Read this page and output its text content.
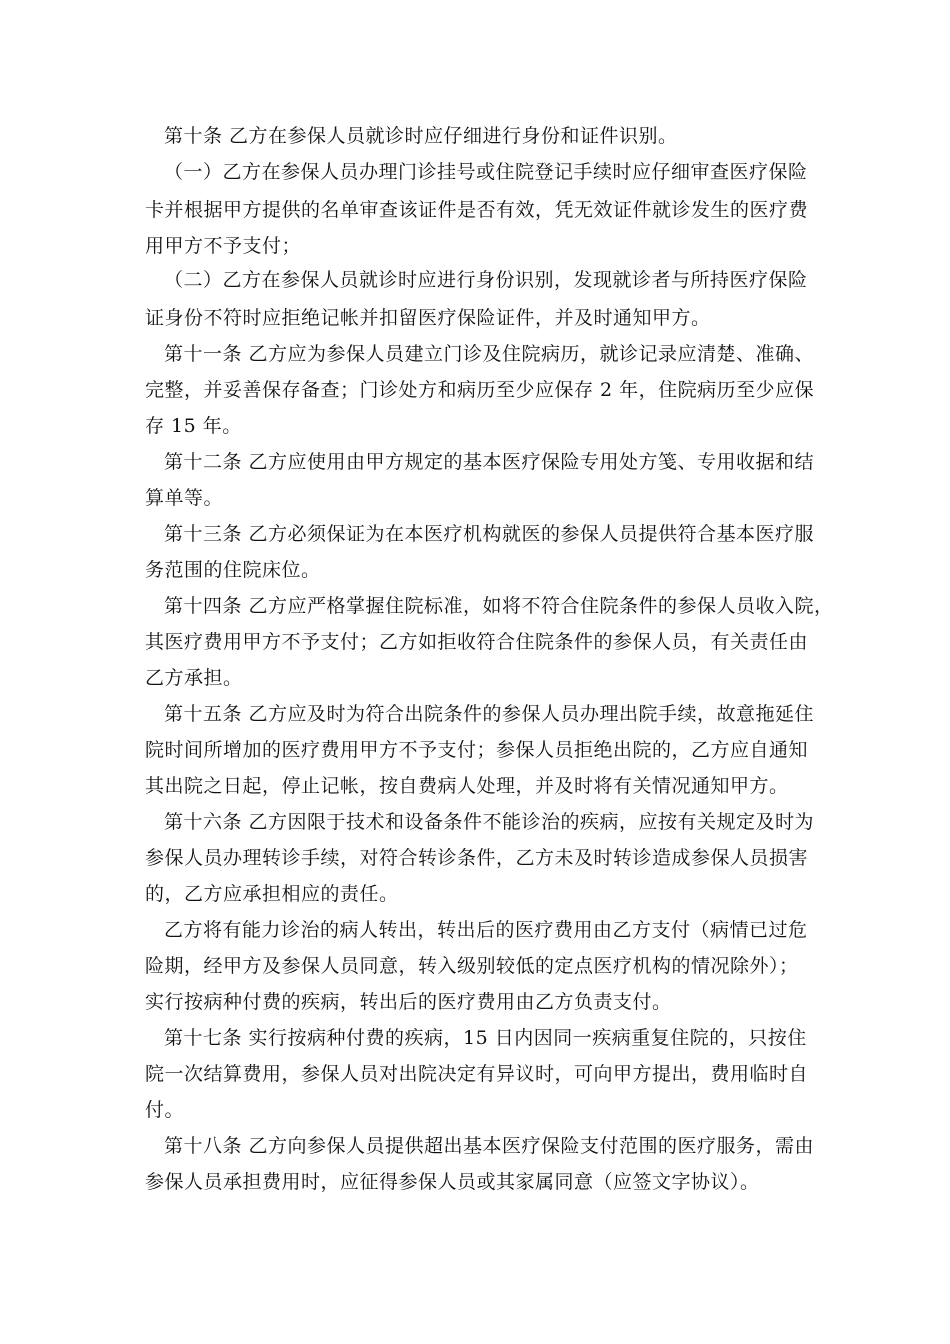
第十条 乙方在参保人员就诊时应仔细进行身份和证件识别。
（一）乙方在参保人员办理门诊挂号或住院登记手续时应仔细审查医疗保险
卡并根据甲方提供的名单审查该证件是否有效，凭无效证件就诊发生的医疗费
用甲方不予支付；
（二）乙方在参保人员就诊时应进行身份识别，发现就诊者与所持医疗保险
证身份不符时应拒绝记帐并扣留医疗保险证件，并及时通知甲方。
第十一条 乙方应为参保人员建立门诊及住院病历，就诊记录应清楚、准确、
完整，并妥善保存备查；门诊处方和病历至少应保存 2 年，住院病历至少应保
存 15 年。
第十二条 乙方应使用由甲方规定的基本医疗保险专用处方笺、专用收据和结
算单等。
第十三条 乙方必须保证为在本医疗机构就医的参保人员提供符合基本医疗服
务范围的住院床位。
第十四条 乙方应严格掌握住院标准，如将不符合住院条件的参保人员收入院，
其医疗费用甲方不予支付；乙方如拒收符合住院条件的参保人员，有关责任由
乙方承担。
第十五条 乙方应及时为符合出院条件的参保人员办理出院手续，故意拖延住
院时间所增加的医疗费用甲方不予支付；参保人员拒绝出院的，乙方应自通知
其出院之日起，停止记帐，按自费病人处理，并及时将有关情况通知甲方。
第十六条 乙方因限于技术和设备条件不能诊治的疾病，应按有关规定及时为
参保人员办理转诊手续，对符合转诊条件，乙方未及时转诊造成参保人员损害
的，乙方应承担相应的责任。
乙方将有能力诊治的病人转出，转出后的医疗费用由乙方支付（病情已过危
险期，经甲方及参保人员同意，转入级别较低的定点医疗机构的情况除外）；
实行按病种付费的疾病，转出后的医疗费用由乙方负责支付。
第十七条 实行按病种付费的疾病，15 日内因同一疾病重复住院的，只按住
院一次结算费用，参保人员对出院决定有异议时，可向甲方提出，费用临时自
付。
第十八条 乙方向参保人员提供超出基本医疗保险支付范围的医疗服务，需由
参保人员承担费用时，应征得参保人员或其家属同意（应签文字协议）。
